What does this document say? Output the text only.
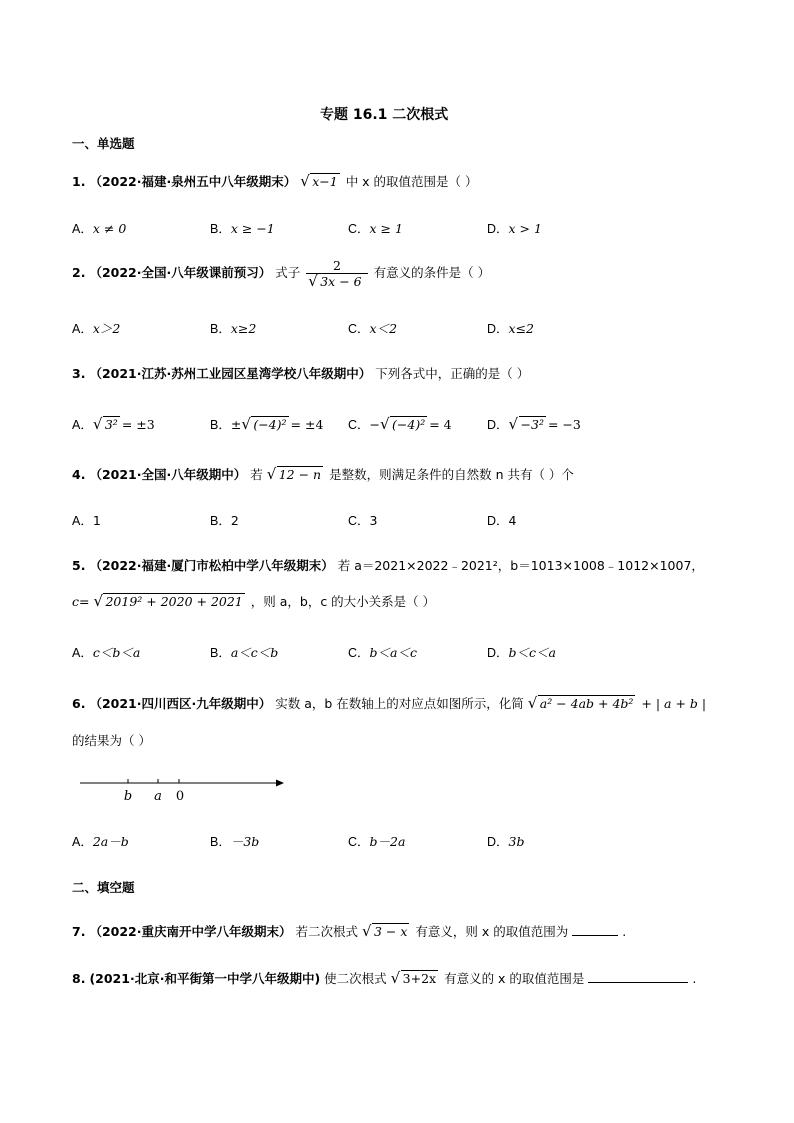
专题 16.1 二次根式
一、单选题
1. （2022·福建·泉州五中八年级期末） √ x−1 中 x 的取值范围是（ ）
A．x ≠ 0	B．x ≥ −1	C．x ≥ 1	D．x > 1
2. （2022·全国·八年级课前预习） 式子 $\frac{2}{√ 3x - 6}$ 有意义的条件是（ ）
A．x＞2	B．x≥2	C．x＜2	D．x≤2
3. （2021·江苏·苏州工业园区星湾学校八年级期中） 下列各式中，正确的是（ ）
A． √ 3² = ±3	B．± √ (−4)² = ±4 C．− √ (−4)² = 4	D． √ −3² = −3
4. （2021·全国·八年级期中） 若 √ 12 − n 是整数，则满足条件的自然数 n 共有（ ）个
A．1	B．2	C．3	D．4
5. （2022·福建·厦门市松柏中学八年级期末） 若 a＝2021×2022﹣2021²，b＝1013×1008﹣1012×1007，
c= √ 2019² + 2020 + 2021 ，则 a，b，c 的大小关系是（ ）
A．c＜b＜a	B．a＜c＜b	C．b＜a＜c	D．b＜c＜a
6. （2021·四川西区·九年级期中） 实数 a，b 在数轴上的对应点如图所示，化简 √ a² − 4ab + 4b² + | a + b |
的结果为（ ）
b a 0
A．2a－b	B．－3b	C．b－2a	D．3b
二、填空题
7. （2022·重庆南开中学八年级期末） 若二次根式 √ 3 − x 有意义，则 x 的取值范围为	.
8. (2021·北京·和平街第一中学八年级期中) 使二次根式 √ 3+2x 有意义的 x 的取值范围是	.
